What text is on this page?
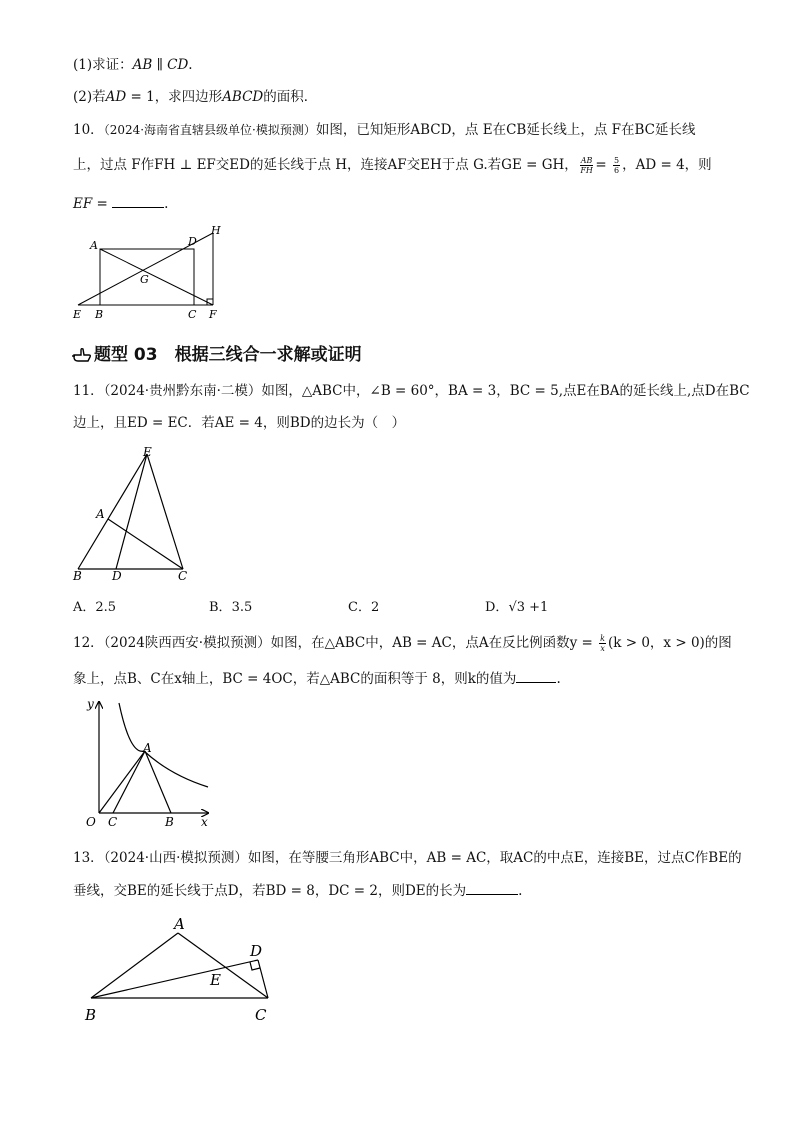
(1)求证：AB ∥ CD.
(2)若AD = 1，求四边形ABCD的面积．
10．（2024·海南省直辖县级单位·模拟预测）如图，已知矩形ABCD，点 E在CB延长线上，点 F在BC延长线
上，过点 F作FH ⊥ EF交ED的延长线于点 H，连接AF交EH于点 G.若GE = GH， $\frac{AB}{FH} = \frac{5}{6}$ ，AD = 4，则
EF =	.
A	D
H
G
E B	C F
题型 03　根据三线合一求解或证明
11．（2024·贵州黔东南·二模）如图，△ABC中，∠B = 60°，BA = 3，BC = 5,点E在BA的延长线上,点D在BC
边上，且ED = EC．若AE = 4，则BD的边长为（　）
E
A
B	D	C
A．2.5	B．3.5	C．2	D．√3 +1
12．（2024陕西西安·模拟预测）如图，在△ABC中，AB = AC，点A在反比例函数$y = \frac{k}{x} (k > 0$，x > 0)的图
象上，点B、C在x轴上，BC = 4OC，若△ABC的面积等于 8，则k的值为	.
y
x
O C	B
A
13．（2024·山西·模拟预测）如图，在等腰三角形ABC中，AB = AC，取AC的中点E，连接BE，过点C作BE的
垂线，交BE的延长线于点D，若BD = 8，DC = 2，则DE的长为	.
A
D
E
B	C
